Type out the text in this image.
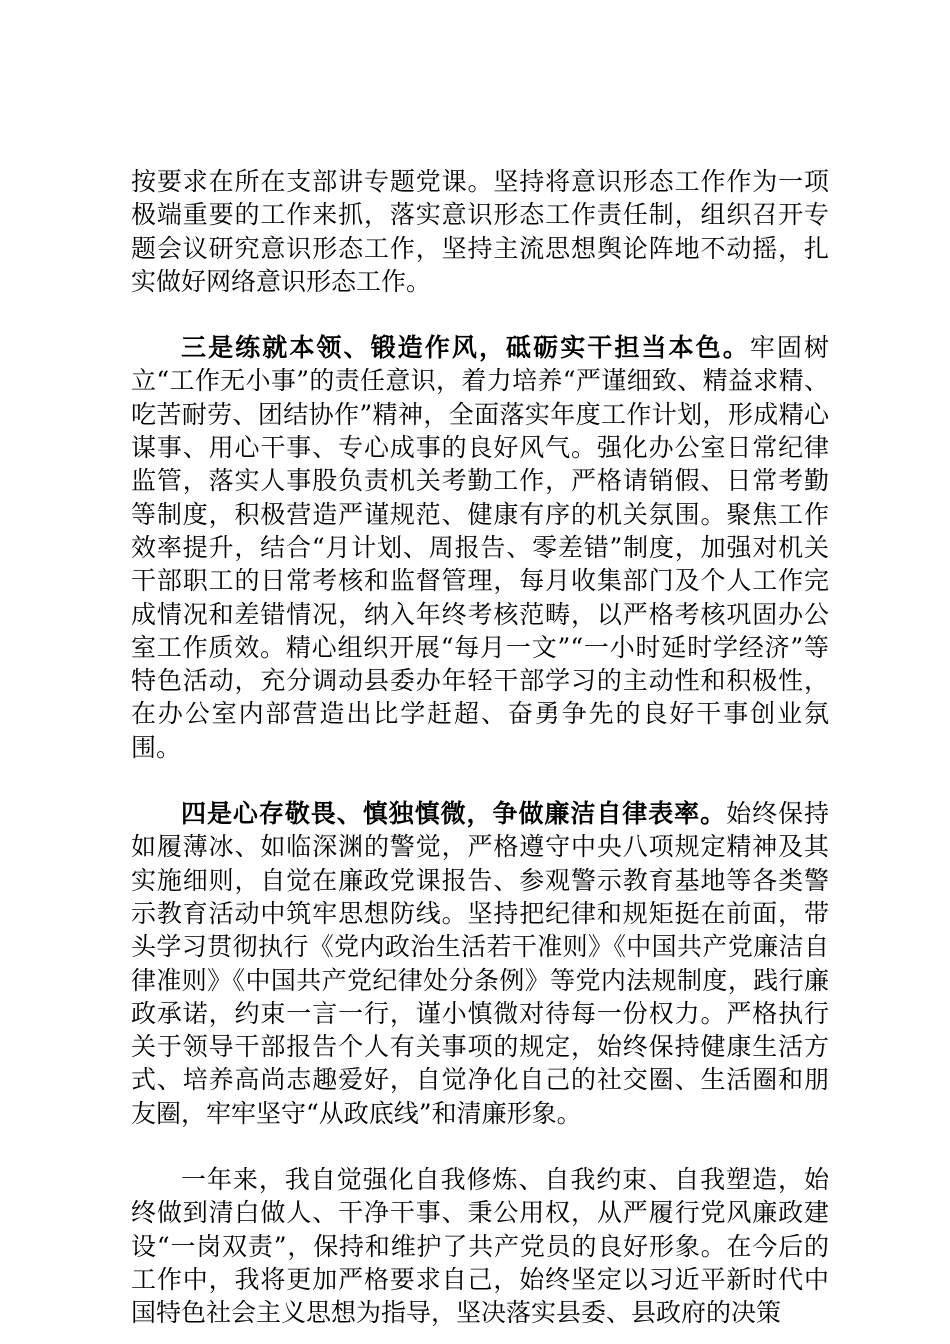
按要求在所在支部讲专题党课。坚持将意识形态工作作为一项极端重要的工作来抓，落实意识形态工作责任制，组织召开专题会议研究意识形态工作，坚持主流思想舆论阵地不动摇，扎实做好网络意识形态工作。

三是练就本领、锻造作风，砥砺实干担当本色。牢固树立“工作无小事”的责任意识，着力培养“严谨细致、精益求精、吃苦耐劳、团结协作”精神，全面落实年度工作计划，形成精心谋事、用心干事、专心成事的良好风气。强化办公室日常纪律监管，落实人事股负责机关考勤工作，严格请销假、日常考勤等制度，积极营造严谨规范、健康有序的机关氛围。聚焦工作效率提升，结合“月计划、周报告、零差错”制度，加强对机关干部职工的日常考核和监督管理，每月收集部门及个人工作完成情况和差错情况，纳入年终考核范畴，以严格考核巩固办公室工作质效。精心组织开展“每月一文”“一小时延时学经济”等特色活动，充分调动县委办年轻干部学习的主动性和积极性，在办公室内部营造出比学赶超、奋勇争先的良好干事创业氛围。

四是心存敬畏、慎独慎微，争做廉洁自律表率。始终保持如履薄冰、如临深渊的警觉，严格遵守中央八项规定精神及其实施细则，自觉在廉政党课报告、参观警示教育基地等各类警示教育活动中筑牢思想防线。坚持把纪律和规矩挺在前面，带头学习贯彻执行《党内政治生活若干准则》《中国共产党廉洁自律准则》《中国共产党纪律处分条例》等党内法规制度，践行廉政承诺，约束一言一行，谨小慎微对待每一份权力。严格执行关于领导干部报告个人有关事项的规定，始终保持健康生活方式、培养高尚志趣爱好，自觉净化自己的社交圈、生活圈和朋友圈，牢牢坚守“从政底线”和清廉形象。

一年来，我自觉强化自我修炼、自我约束、自我塑造，始终做到清白做人、干净干事、秉公用权，从严履行党风廉政建设“一岗双责”，保持和维护了共产党员的良好形象。在今后的工作中，我将更加严格要求自己，始终坚定以习近平新时代中国特色社会主义思想为指导，坚决落实县委、县政府的决策
